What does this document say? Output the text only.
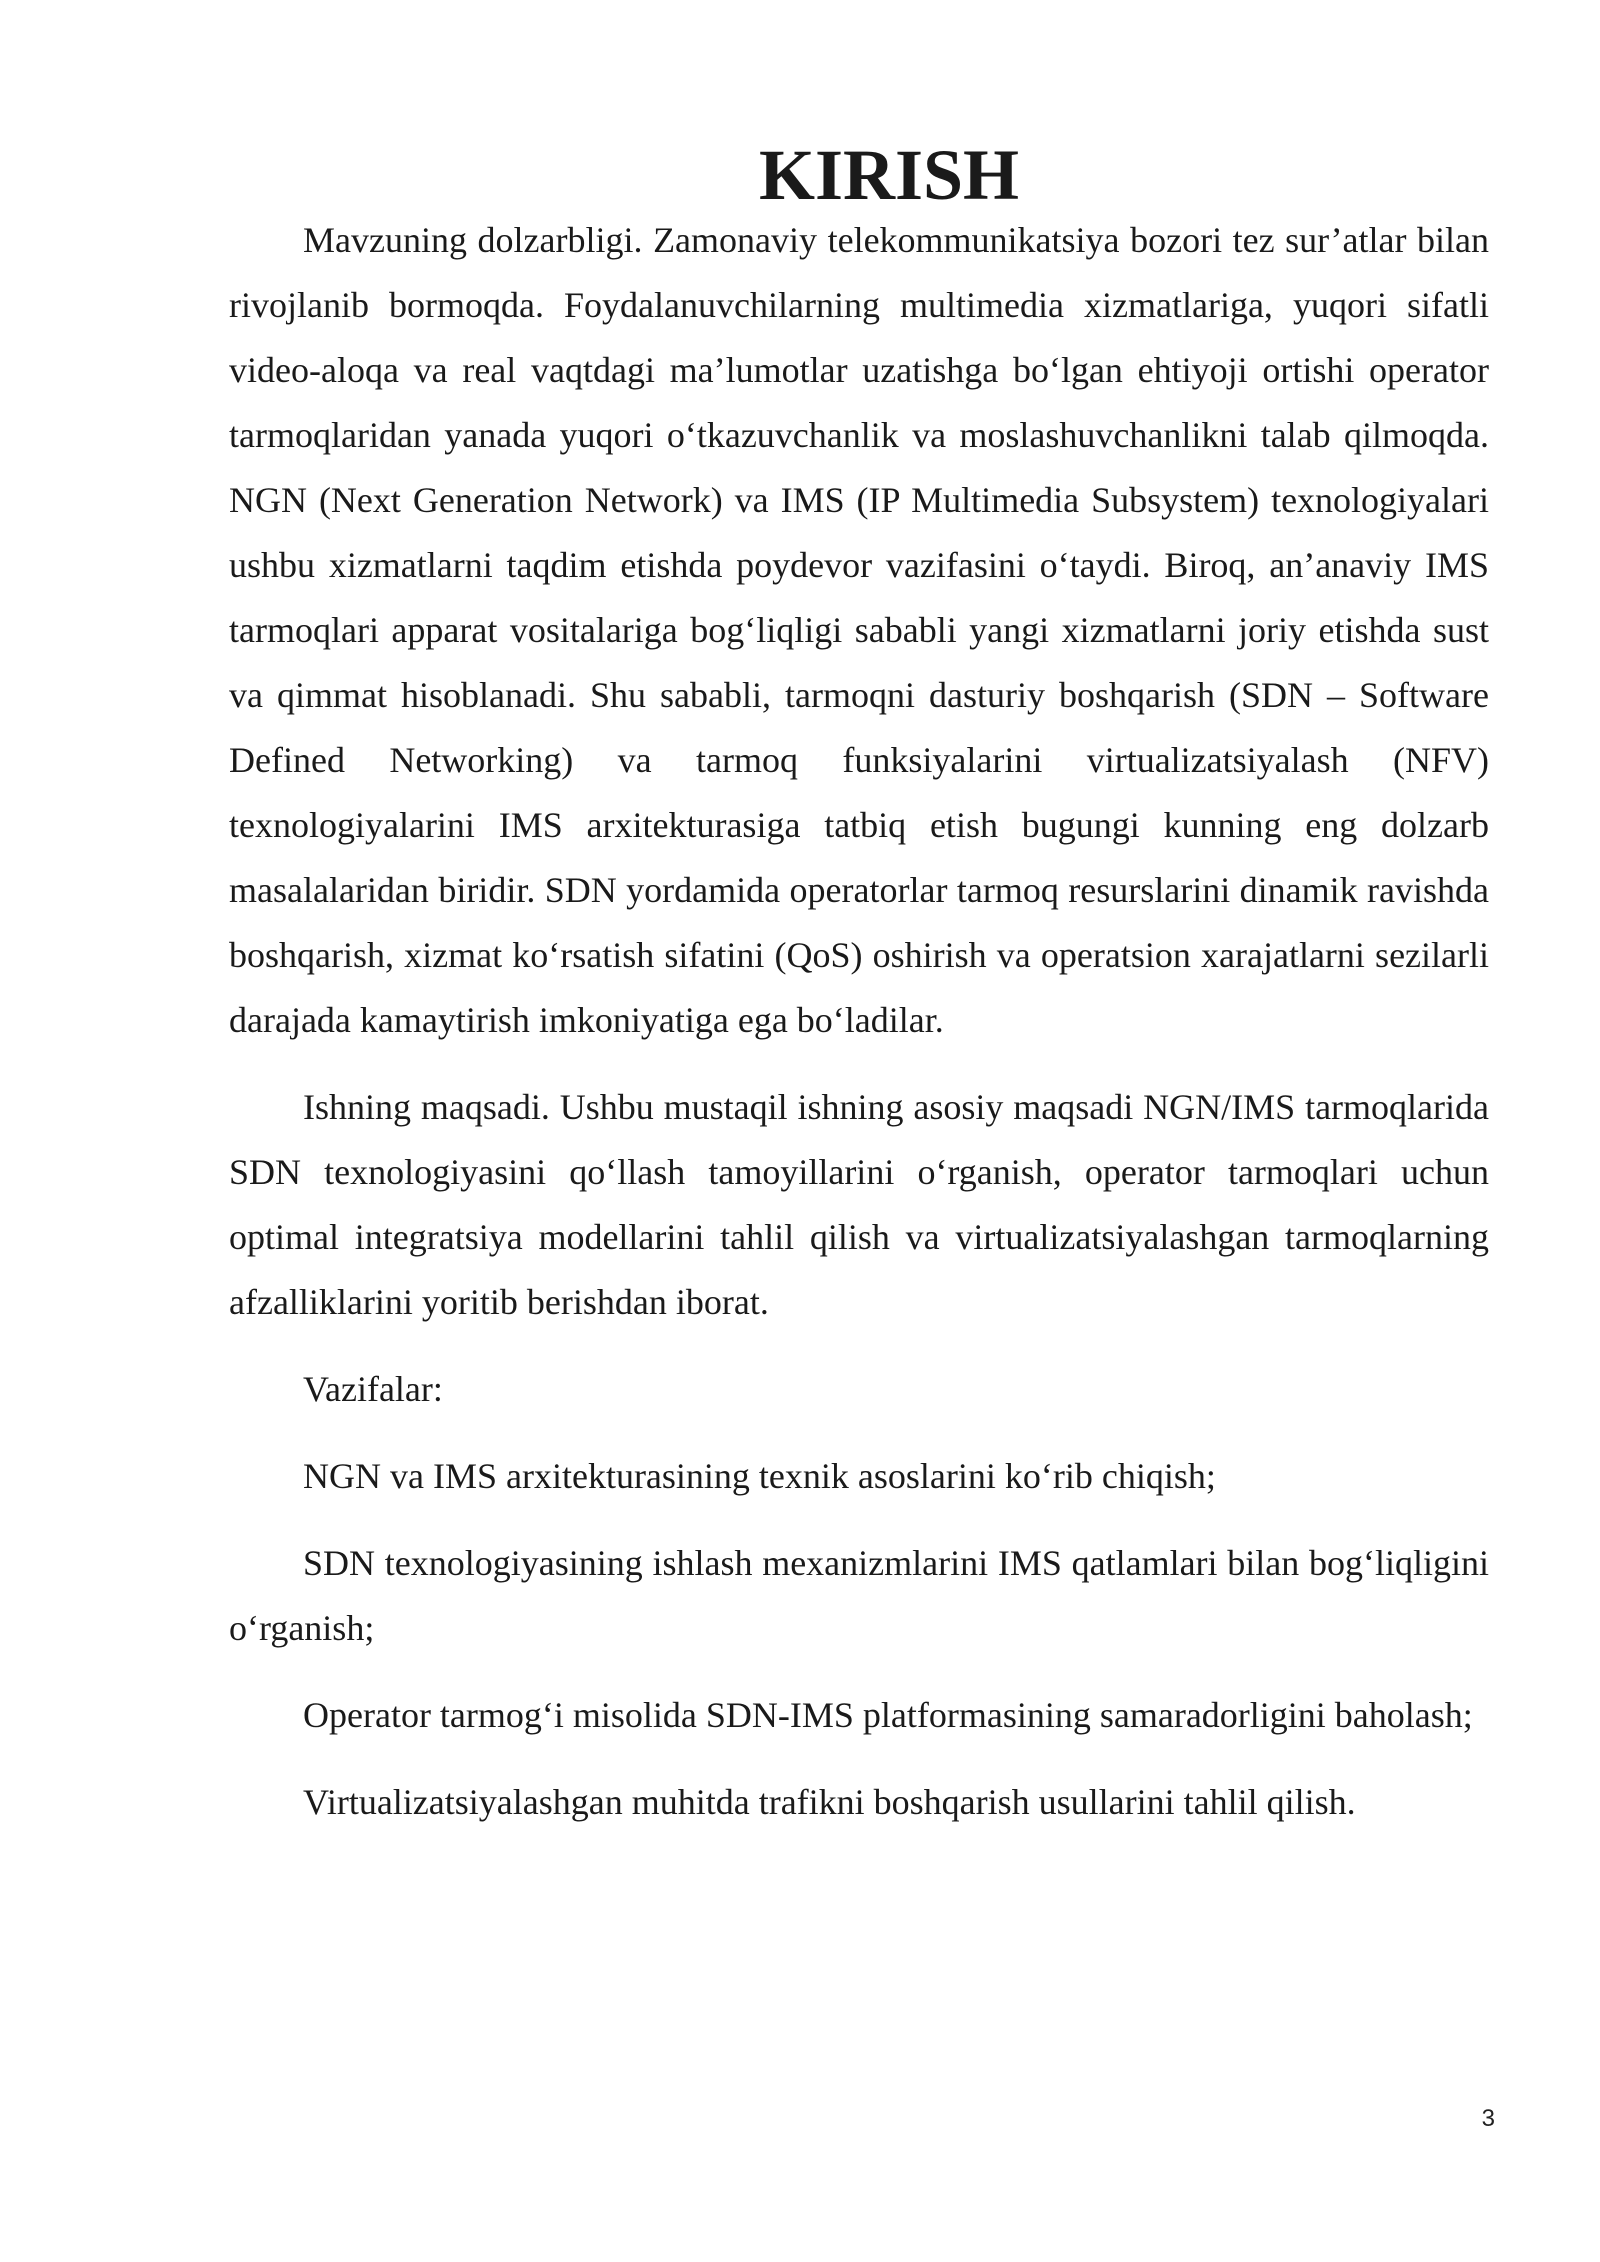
KIRISH

Mavzuning dolzarbligi. Zamonaviy telekommunikatsiya bozori tez sur’atlar bilan rivojlanib bormoqda. Foydalanuvchilarning multimedia xizmatlariga, yuqori sifatli video-aloqa va real vaqtdagi ma’lumotlar uzatishga bo‘lgan ehtiyoji ortishi operator tarmoqlaridan yanada yuqori o‘tkazuvchanlik va moslashuvchanlikni talab qilmoqda. NGN (Next Generation Network) va IMS (IP Multimedia Subsystem) texnologiyalari ushbu xizmatlarni taqdim etishda poydevor vazifasini o‘taydi. Biroq, an’anaviy IMS tarmoqlari apparat vositalariga bog‘liqligi sababli yangi xizmatlarni joriy etishda sust va qimmat hisoblanadi. Shu sababli, tarmoqni dasturiy boshqarish (SDN – Software Defined Networking) va tarmoq funksiyalarini virtualizatsiyalash (NFV) texnologiyalarini IMS arxitekturasiga tatbiq etish bugungi kunning eng dolzarb masalalaridan biridir. SDN yordamida operatorlar tarmoq resurslarini dinamik ravishda boshqarish, xizmat ko‘rsatish sifatini (QoS) oshirish va operatsion xarajatlarni sezilarli darajada kamaytirish imkoniyatiga ega bo‘ladilar.

Ishning maqsadi. Ushbu mustaqil ishning asosiy maqsadi NGN/IMS tarmoqlarida SDN texnologiyasini qo‘llash tamoyillarini o‘rganish, operator tarmoqlari uchun optimal integratsiya modellarini tahlil qilish va virtualizatsiyalashgan tarmoqlarning afzalliklarini yoritib berishdan iborat.

Vazifalar:

NGN va IMS arxitekturasining texnik asoslarini ko‘rib chiqish;

SDN texnologiyasining ishlash mexanizmlarini IMS qatlamlari bilan bog‘liqligini o‘rganish;

Operator tarmog‘i misolida SDN-IMS platformasining samaradorligini baholash;

Virtualizatsiyalashgan muhitda trafikni boshqarish usullarini tahlil qilish.

3
